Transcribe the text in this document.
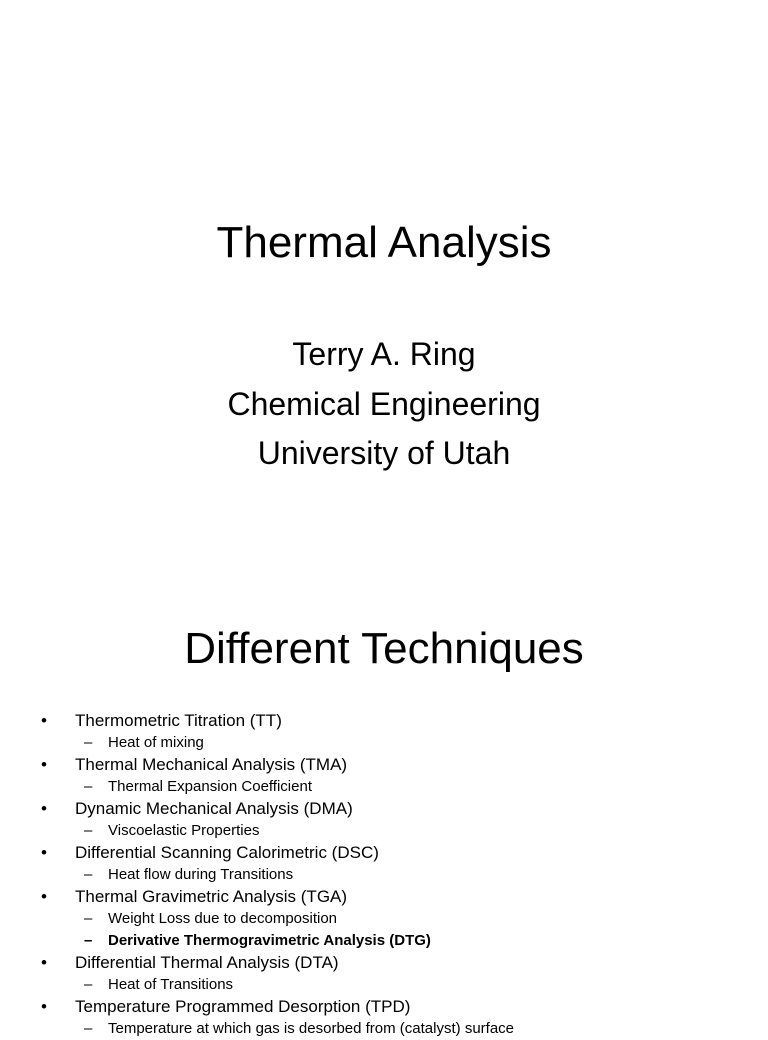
Thermal Analysis
Terry A. Ring
Chemical Engineering
University of Utah
Different Techniques
• Thermometric Titration (TT)
– Heat of mixing
• Thermal Mechanical Analysis (TMA)
– Thermal Expansion Coefficient
• Dynamic Mechanical Analysis (DMA)
– Viscoelastic Properties
• Differential Scanning Calorimetric (DSC)
– Heat flow during Transitions
• Thermal Gravimetric Analysis (TGA)
– Weight Loss due to decomposition
– Derivative Thermogravimetric Analysis (DTG)
• Differential Thermal Analysis (DTA)
– Heat of Transitions
• Temperature Programmed Desorption (TPD)
– Temperature at which gas is desorbed from (catalyst) surface
